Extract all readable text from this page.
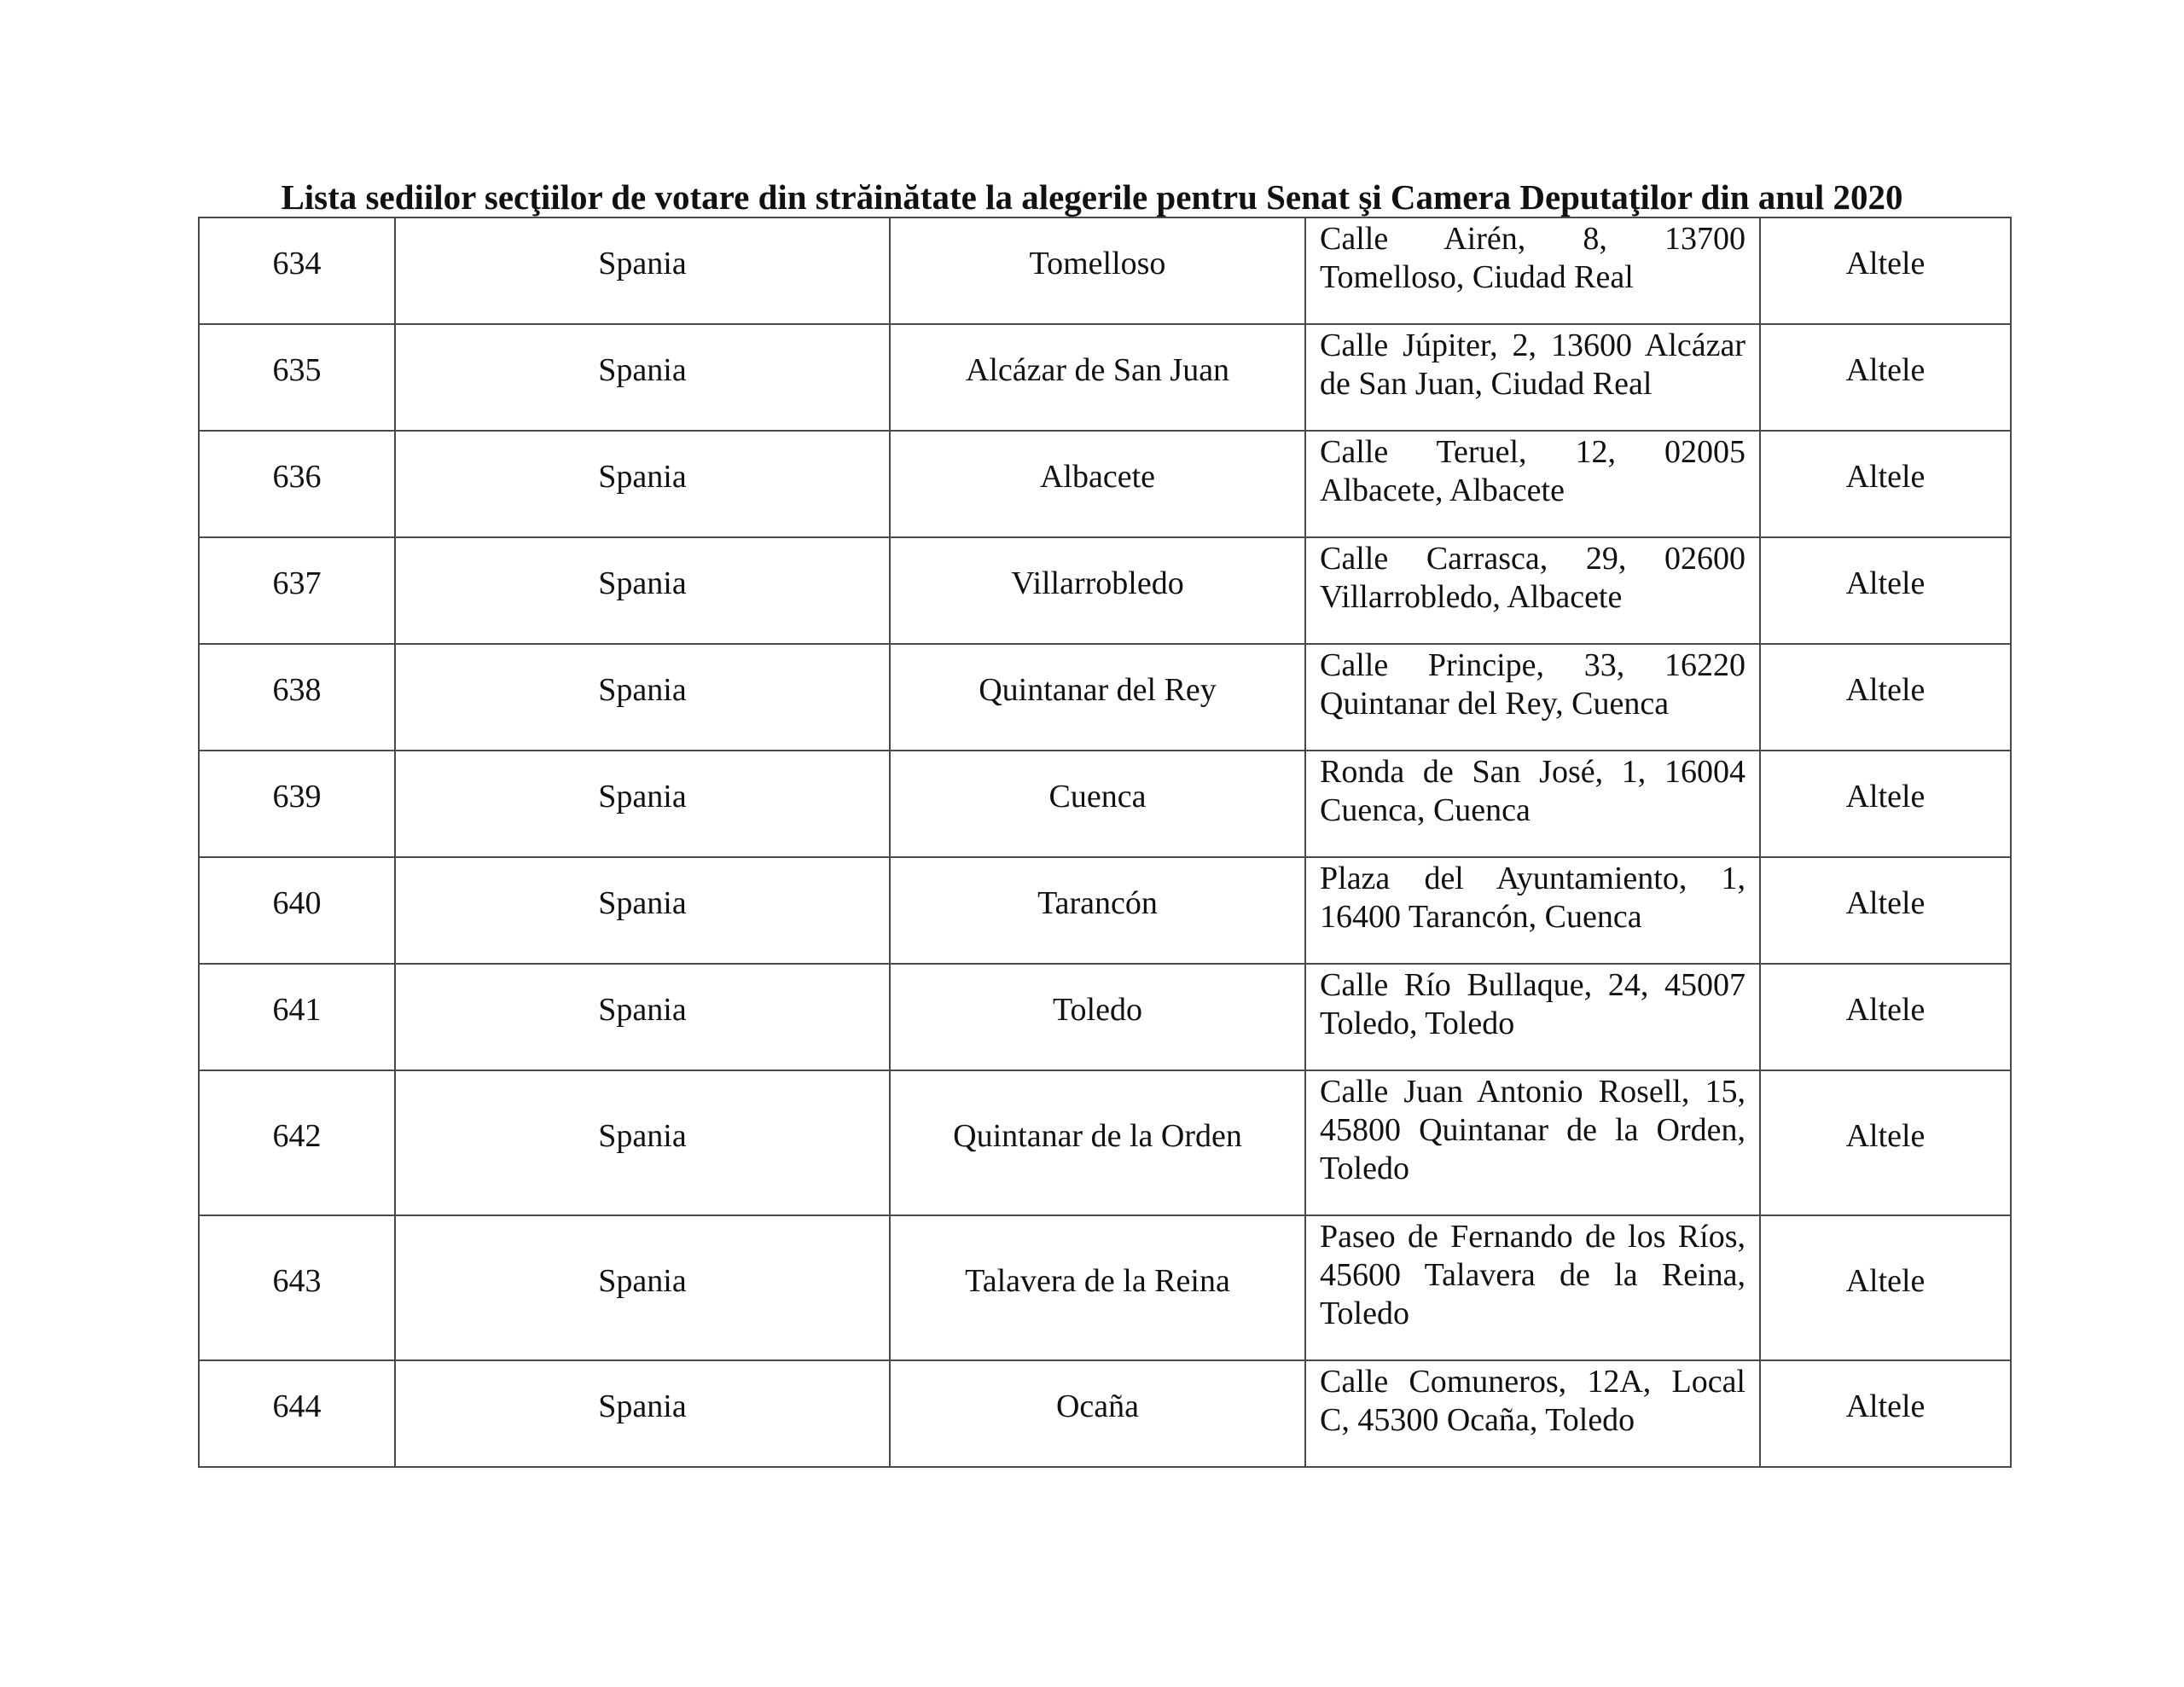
Lista sediilor secţiilor de votare din străinătate la alegerile pentru Senat şi Camera Deputaţilor din anul 2020
634	Spania	Tomelloso	Calle Airén, 8, 13700 Tomelloso, Ciudad Real	Altele
635	Spania	Alcázar de San Juan	Calle Júpiter, 2, 13600 Alcázar de San Juan, Ciudad Real	Altele
636	Spania	Albacete	Calle Teruel, 12, 02005 Albacete, Albacete	Altele
637	Spania	Villarrobledo	Calle Carrasca, 29, 02600 Villarrobledo, Albacete	Altele
638	Spania	Quintanar del Rey	Calle Principe, 33, 16220 Quintanar del Rey, Cuenca	Altele
639	Spania	Cuenca	Ronda de San José, 1, 16004 Cuenca, Cuenca	Altele
640	Spania	Tarancón	Plaza del Ayuntamiento, 1, 16400 Tarancón, Cuenca	Altele
641	Spania	Toledo	Calle Río Bullaque, 24, 45007 Toledo, Toledo	Altele
642	Spania	Quintanar de la Orden	Calle Juan Antonio Rosell, 15, 45800 Quintanar de la Orden, Toledo	Altele
643	Spania	Talavera de la Reina	Paseo de Fernando de los Ríos, 45600 Talavera de la Reina, Toledo	Altele
644	Spania	Ocaña	Calle Comuneros, 12A, Local C, 45300 Ocaña, Toledo	Altele
